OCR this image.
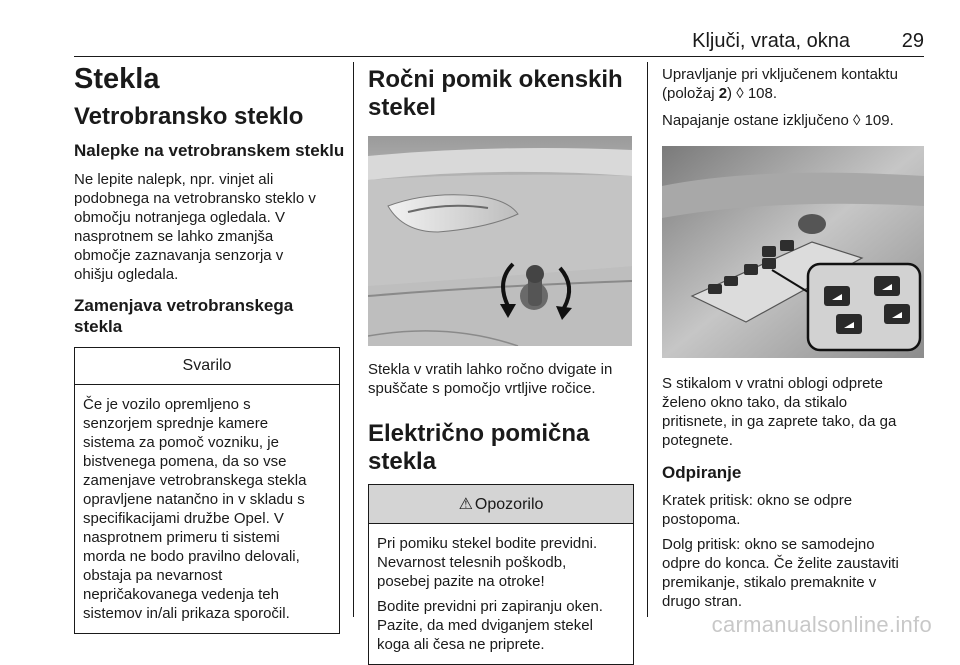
Ključi, vrata, okna	29
Stekla
Vetrobransko steklo
Nalepke na vetrobranskem steklu
Ne lepite nalepk, npr. vinjet ali
podobnega na vetrobransko steklo v
območju notranjega ogledala. V
nasprotnem se lahko zmanjša
območje zaznavanja senzorja v
ohišju ogledala.
Zamenjava vetrobranskega
stekla
Svarilo
Če je vozilo opremljeno s
senzorjem sprednje kamere
sistema za pomoč vozniku, je
bistvenega pomena, da so vse
zamenjave vetrobranskega stekla
opravljene natančno in v skladu s
specifikacijami družbe Opel. V
nasprotnem primeru ti sistemi
morda ne bodo pravilno delovali,
obstaja pa nevarnost
nepričakovanega vedenja teh
sistemov in/ali prikaza sporočil.
Ročni pomik okenskih
stekel
Stekla v vratih lahko ročno dvigate in
spuščate s pomočjo vrtljive ročice.
Električno pomična stekla
⚠ Opozorilo
Pri pomiku stekel bodite previdni.
Nevarnost telesnih poškodb,
posebej pazite na otroke!
Bodite previdni pri zapiranju oken.
Pazite, da med dviganjem stekel
koga ali česa ne priprete.
Upravljanje pri vključenem kontaktu
(položaj 2) ◊ 108.
Napajanje ostane izključeno ◊ 109.
S stikalom v vratni oblogi odprete
želeno okno tako, da stikalo
pritisnete, in ga zaprete tako, da ga
potegnete.
Odpiranje
Kratek pritisk: okno se odpre
postopoma.
Dolg pritisk: okno se samodejno
odpre do konca. Če želite zaustaviti
premikanje, stikalo premaknite v
drugo stran.
carmanualsonline.info
